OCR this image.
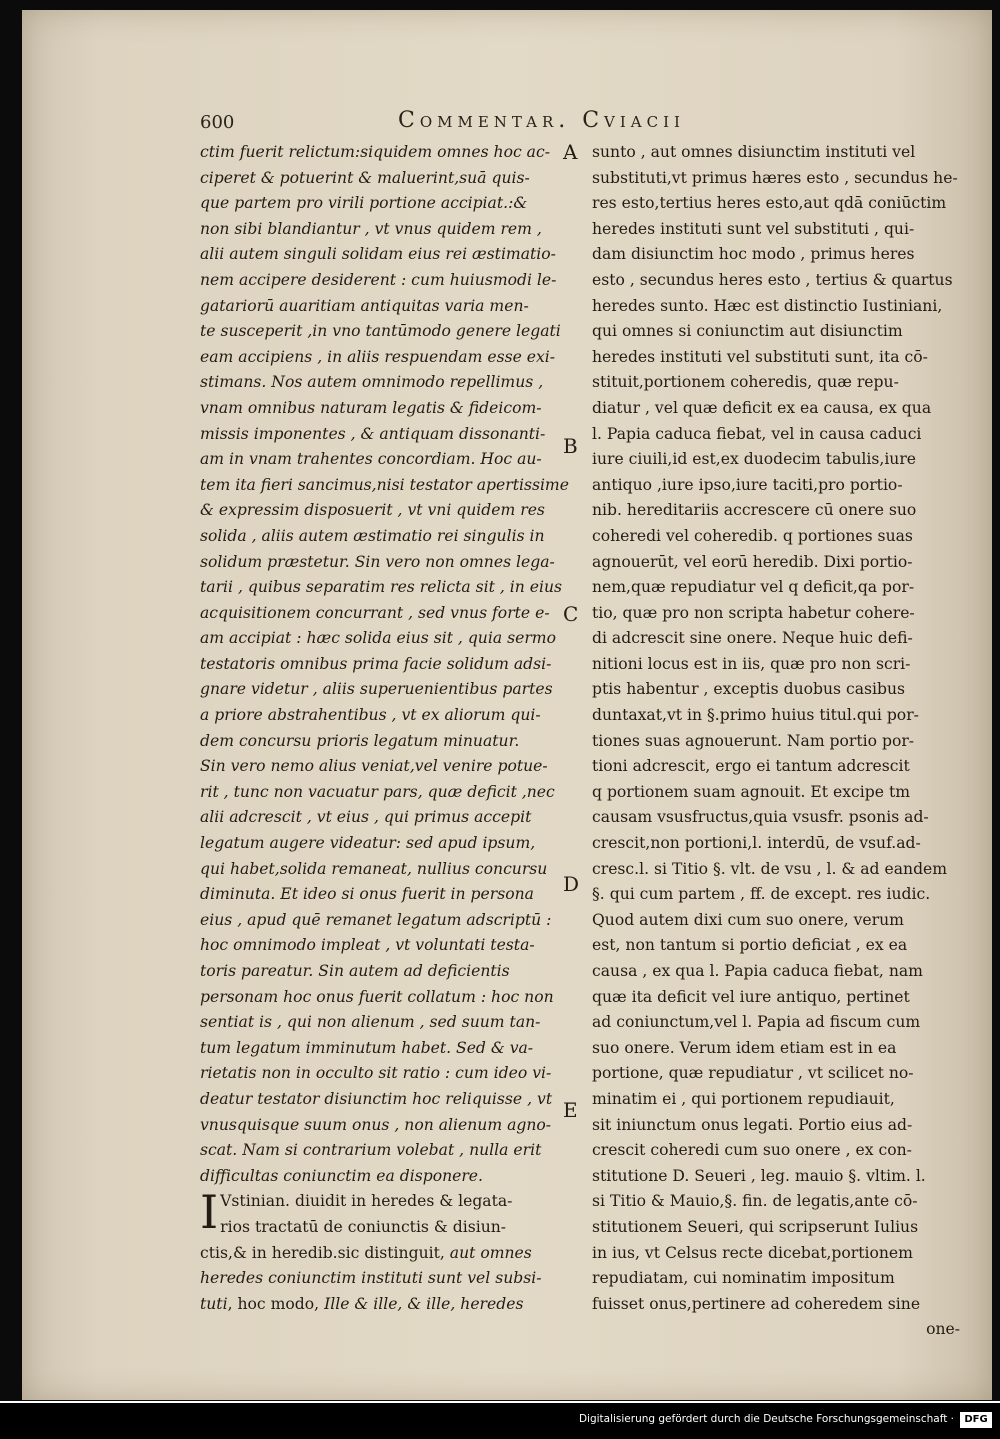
600	Commentar. Cviacii

ctim fuerit relictum:siquidem omnes hoc ac-

ciperet & potuerint & maluerint,suā quis-

que partem pro virili portione accipiat.:&

non sibi blandiantur , vt vnus quidem rem ,

alii autem singuli solidam eius rei æstimatio-

nem accipere desiderent : cum huiusmodi le-

gatariorū auaritiam antiquitas varia men-

te susceperit ,in vno tantūmodo genere legati

eam accipiens , in aliis respuendam esse exi-

stimans. Nos autem omnimodo repellimus ,

vnam omnibus naturam legatis & fideicom-

missis imponentes , & antiquam dissonanti-

am in vnam trahentes concordiam. Hoc au-

tem ita fieri sancimus,nisi testator apertissime

& expressim disposuerit , vt vni quidem res

solida , aliis autem æstimatio rei singulis in

solidum præstetur. Sin vero non omnes lega-

tarii , quibus separatim res relicta sit , in eius

acquisitionem concurrant , sed vnus forte e-

am accipiat : hæc solida eius sit , quia sermo

testatoris omnibus prima facie solidum adsi-

gnare videtur , aliis superuenientibus partes

a priore abstrahentibus , vt ex aliorum qui-

dem concursu prioris legatum minuatur.

Sin vero nemo alius veniat,vel venire potue-

rit , tunc non vacuatur pars, quæ deficit ,nec

alii adcrescit , vt eius , qui primus accepit

legatum augere videatur: sed apud ipsum,

qui habet,solida remaneat, nullius concursu

diminuta. Et ideo si onus fuerit in persona

eius , apud quē remanet legatum adscriptū :

hoc omnimodo impleat , vt voluntati testa-

toris pareatur. Sin autem ad deficientis

personam hoc onus fuerit collatum : hoc non

sentiat is , qui non alienum , sed suum tan-

tum legatum imminutum habet. Sed & va-

rietatis non in occulto sit ratio : cum ideo vi-

deatur testator disiunctim hoc reliquisse , vt

vnusquisque suum onus , non alienum agno-

scat. Nam si contrarium volebat , nulla erit

difficultas coniunctim ea disponere.

I Vstinian. diuidit in heredes & legata-

rios tractatū de coniunctis & disiun-

ctis,& in heredib.sic distinguit, aut omnes

heredes coniunctim instituti sunt vel subsi-

tuti, hoc modo, Ille & ille, & ille, heredes

sunto , aut omnes disiunctim instituti vel

substituti,vt primus hæres esto , secundus he-

res esto,tertius heres esto,aut qdā coniūctim

heredes instituti sunt vel substituti , qui-

dam disiunctim hoc modo , primus heres

esto , secundus heres esto , tertius & quartus

heredes sunto. Hæc est distinctio Iustiniani,

qui omnes si coniunctim aut disiunctim

heredes instituti vel substituti sunt, ita cō-

stituit,portionem coheredis, quæ repu-

diatur , vel quæ deficit ex ea causa, ex qua

l. Papia caduca fiebat, vel in causa caduci

iure ciuili,id est,ex duodecim tabulis,iure

antiquo ,iure ipso,iure taciti,pro portio-

nib. hereditariis accrescere cū onere suo

coheredi vel coheredib. q portiones suas

agnouerūt, vel eorū heredib. Dixi portio-

nem,quæ repudiatur vel q deficit,qa por-

tio, quæ pro non scripta habetur cohere-

di adcrescit sine onere. Neque huic defi-

nitioni locus est in iis, quæ pro non scri-

ptis habentur , exceptis duobus casibus

duntaxat,vt in §.primo huius titul.qui por-

tiones suas agnouerunt. Nam portio por-

tioni adcrescit, ergo ei tantum adcrescit

q portionem suam agnouit. Et excipe tm

causam vsusfructus,quia vsusfr. psonis ad-

crescit,non portioni,l. interdū, de vsuf.ad-

cresc.l. si Titio §. vlt. de vsu , l. & ad eandem

§. qui cum partem , ff. de except. res iudic.

Quod autem dixi cum suo onere, verum

est, non tantum si portio deficiat , ex ea

causa , ex qua l. Papia caduca fiebat, nam

quæ ita deficit vel iure antiquo, pertinet

ad coniunctum,vel l. Papia ad fiscum cum

suo onere. Verum idem etiam est in ea

portione, quæ repudiatur , vt scilicet no-

minatim ei , qui portionem repudiauit,

sit iniunctum onus legati. Portio eius ad-

crescit coheredi cum suo onere , ex con-

stitutione D. Seueri , leg. mauio §. vltim. l.

si Titio & Mauio,§. fin. de legatis,ante cō-

stitutionem Seueri, qui scripserunt Iulius

in ius, vt Celsus recte dicebat,portionem

repudiatam, cui nominatim impositum

fuisset onus,pertinere ad coheredem sine

one-

A
B
C
D
E
Digitalisierung gefördert durch die Deutsche Forschungsgemeinschaft ·	DFG
